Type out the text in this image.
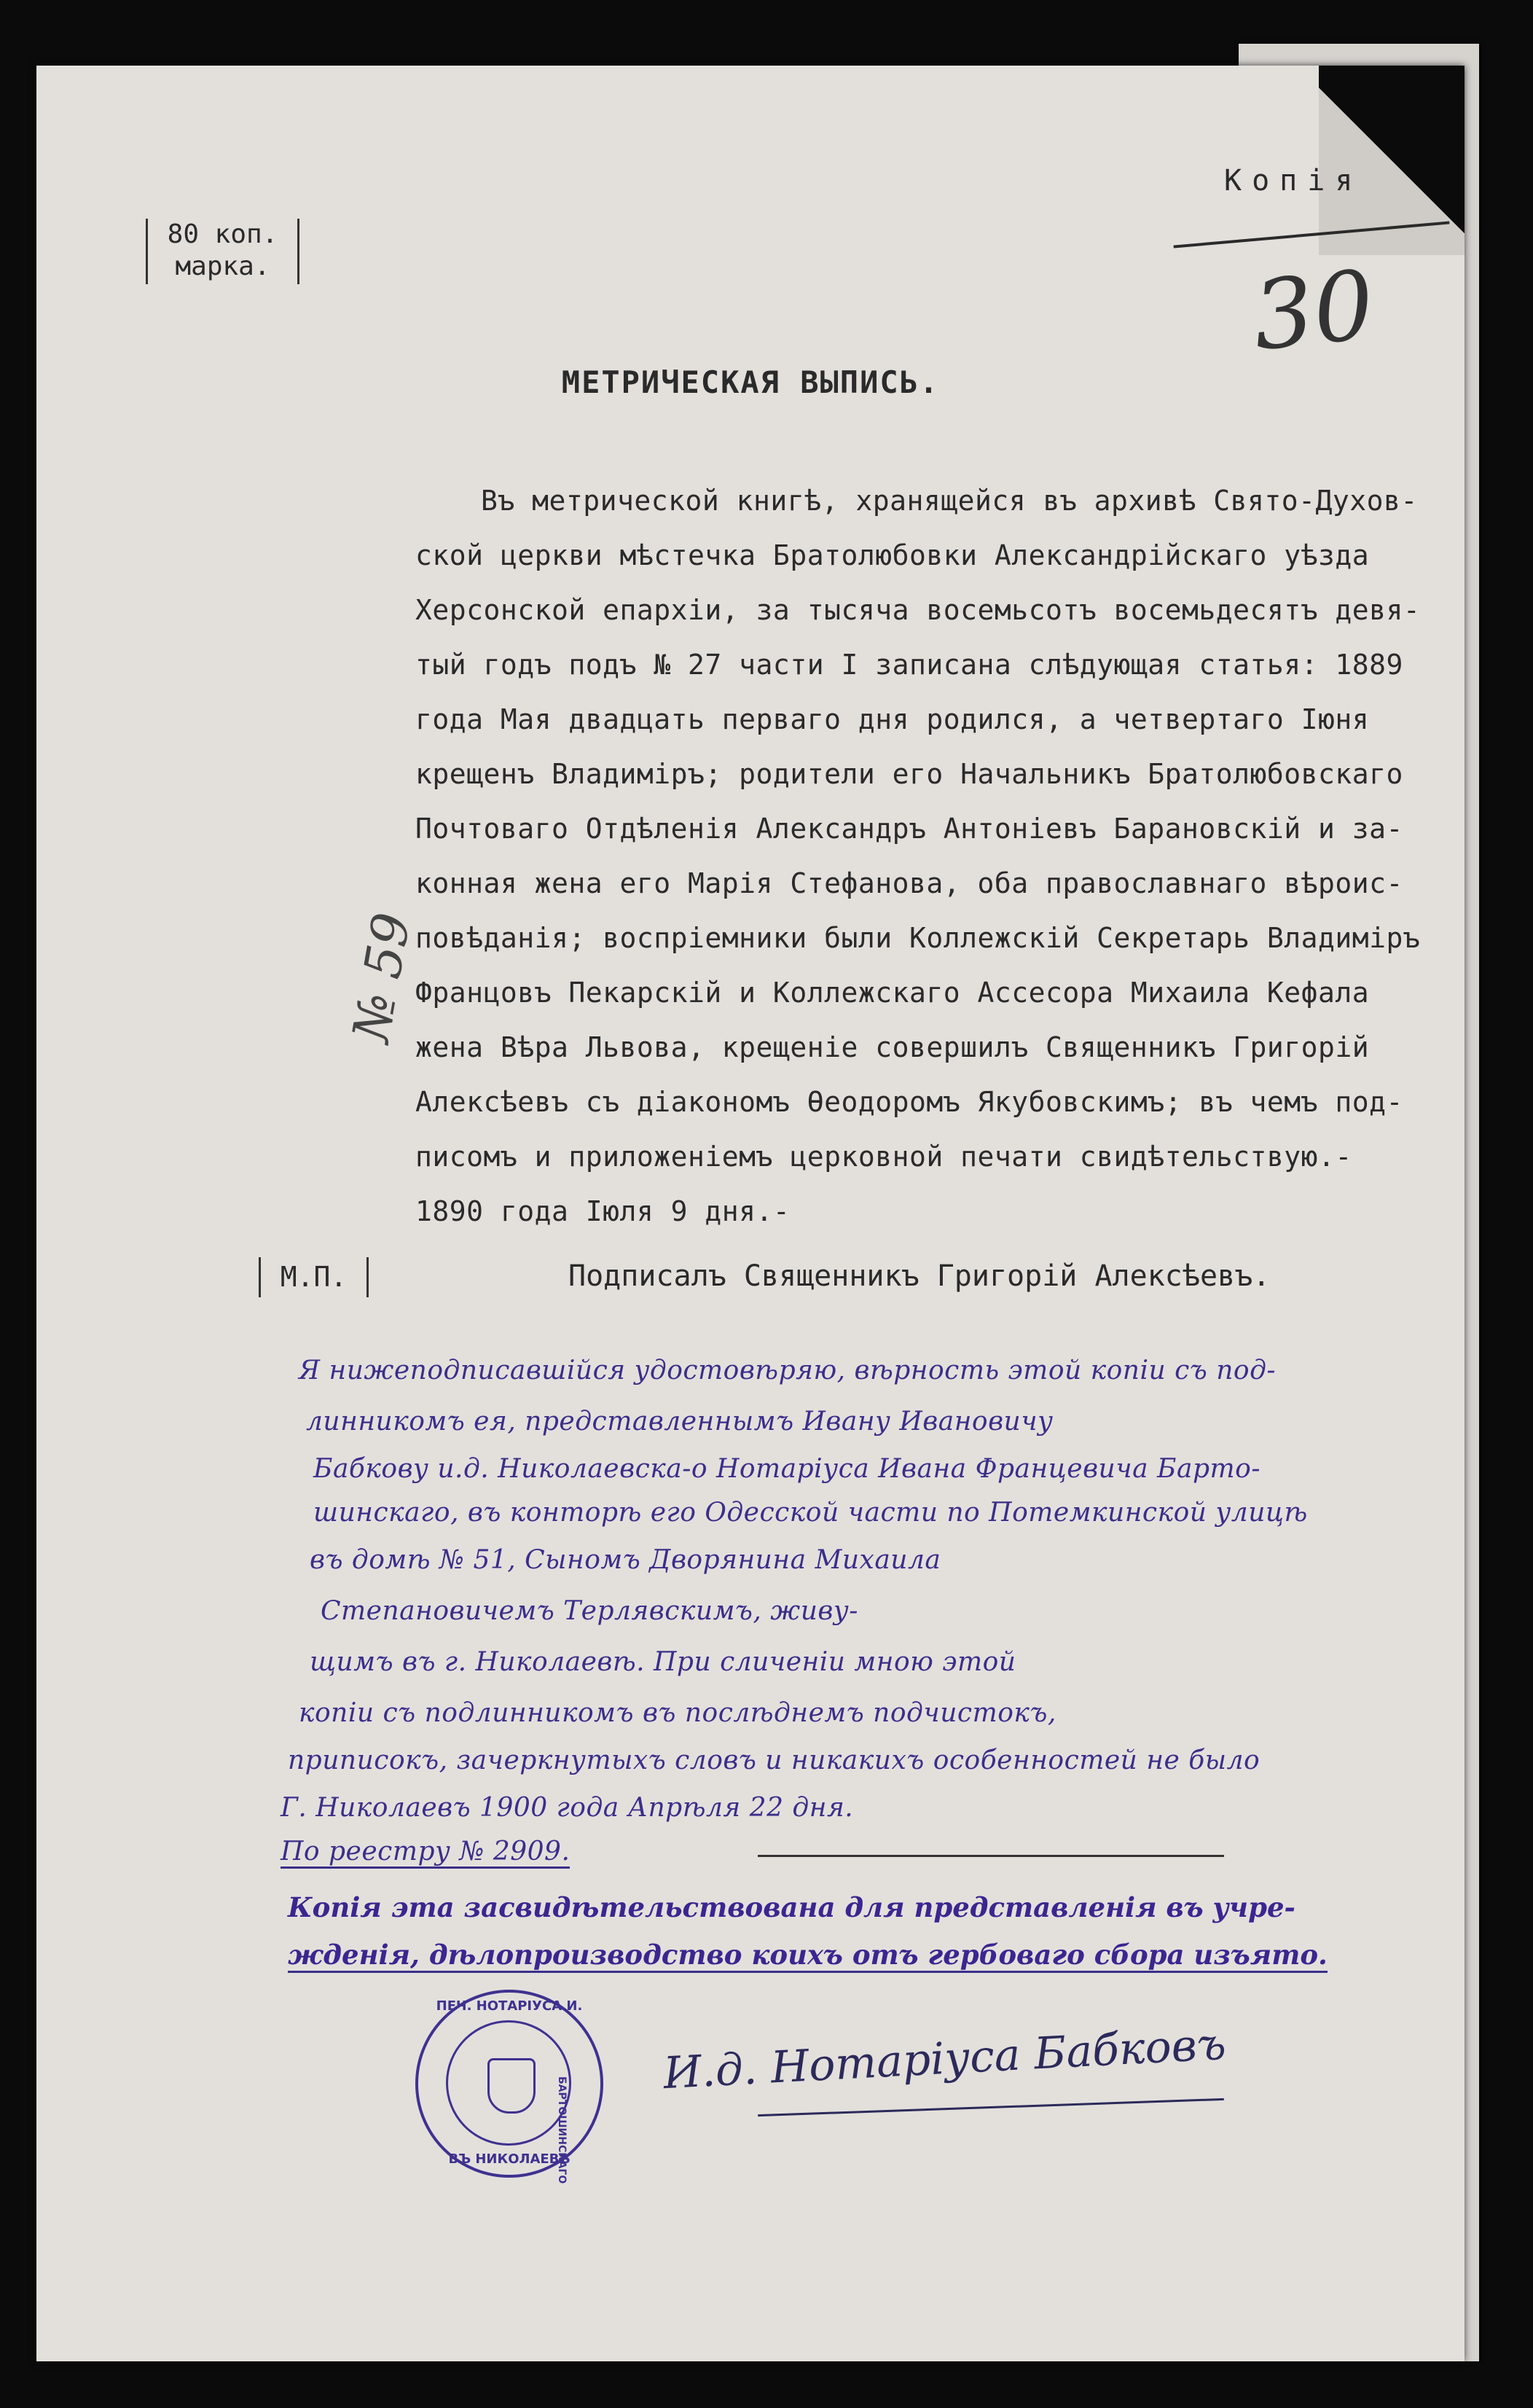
80 коп.
марка.
Копія
30
МЕТРИЧЕСКАЯ ВЫПИСЬ.
№ 59
Въ метрической книгѣ, хранящейся въ архивѣ Свято-Духов-
ской церкви мѣстечка Братолюбовки Александрійскаго уѣзда
Херсонской епархіи, за тысяча восемьсотъ восемьдесятъ девя-
тый годъ подъ № 27 части I записана слѣдующая статья: 1889
года Мая двадцать перваго дня родился, а четвертаго Іюня
крещенъ Владиміръ; родители его Начальникъ Братолюбовскаго
Почтоваго Отдѣленія Александръ Антоніевъ Барановскій и за-
конная жена его Марія Стефанова, оба православнаго вѣроис-
повѣданія; воспріемники были Коллежскій Секретарь Владиміръ
Францовъ Пекарскій и Коллежскаго Ассесора Михаила Кефала
жена Вѣра Львова, крещеніе совершилъ Священникъ Григорій
Алексѣевъ съ діакономъ Ѳеодоромъ Якубовскимъ; въ чемъ под-
писомъ и приложеніемъ церковной печати свидѣтельствую.-
1890 года Іюля 9 дня.-
М.П.	Подписалъ Священникъ Григорій Алексѣевъ.
Я нижеподписавшійся удостовѣряю, вѣрность этой копіи съ под-
линникомъ ея, представленнымъ Ивану Ивановичу
Бабкову и.д. Николаевска-о Нотаріуса Ивана Францевича Барто-
шинскаго, въ конторѣ его Одесской части по Потемкинской улицѣ
въ домѣ № 51, Сыномъ Дворянина Михаила
Степановичемъ Терлявскимъ, живу-
щимъ въ г. Николаевѣ. При сличеніи мною этой
копіи съ подлинникомъ въ послѣднемъ подчистокъ,
приписокъ, зачеркнутыхъ словъ и никакихъ особенностей не было
Г. Николаевъ 1900 года Апрѣля 22 дня.
По реестру № 2909.
Копія эта засвидѣтельствована для представленія въ учре-
жденія, дѣлопроизводство коихъ отъ гербоваго сбора изъято.
ПЕЧ. НОТАРІУСА И.
БАРТОШИНСКАГО
ВЪ НИКОЛАЕВѢ
И.д. Нотаріуса Бабковъ
